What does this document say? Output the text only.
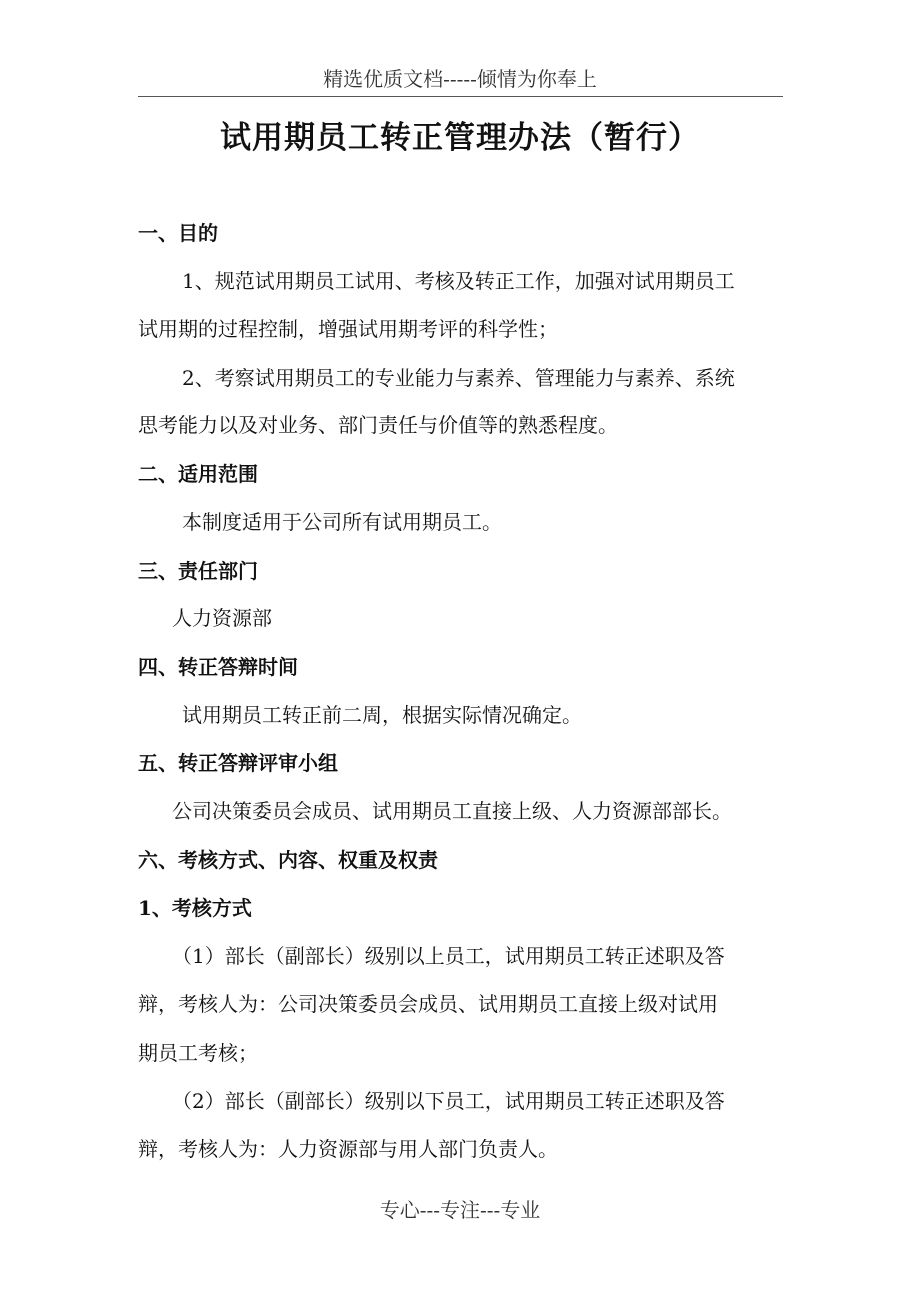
精选优质文档-----倾情为你奉上
试用期员工转正管理办法（暂行）
一、目的
1、规范试用期员工试用、考核及转正工作，加强对试用期员工
试用期的过程控制，增强试用期考评的科学性；
2、考察试用期员工的专业能力与素养、管理能力与素养、系统
思考能力以及对业务、部门责任与价值等的熟悉程度。
二、适用范围
本制度适用于公司所有试用期员工。
三、责任部门
人力资源部
四、转正答辩时间
试用期员工转正前二周，根据实际情况确定。
五、转正答辩评审小组
公司决策委员会成员、试用期员工直接上级、人力资源部部长。
六、考核方式、内容、权重及权责
1、考核方式
（1）部长（副部长）级别以上员工，试用期员工转正述职及答
辩，考核人为：公司决策委员会成员、试用期员工直接上级对试用
期员工考核；
（2）部长（副部长）级别以下员工，试用期员工转正述职及答
辩，考核人为：人力资源部与用人部门负责人。
专心---专注---专业
